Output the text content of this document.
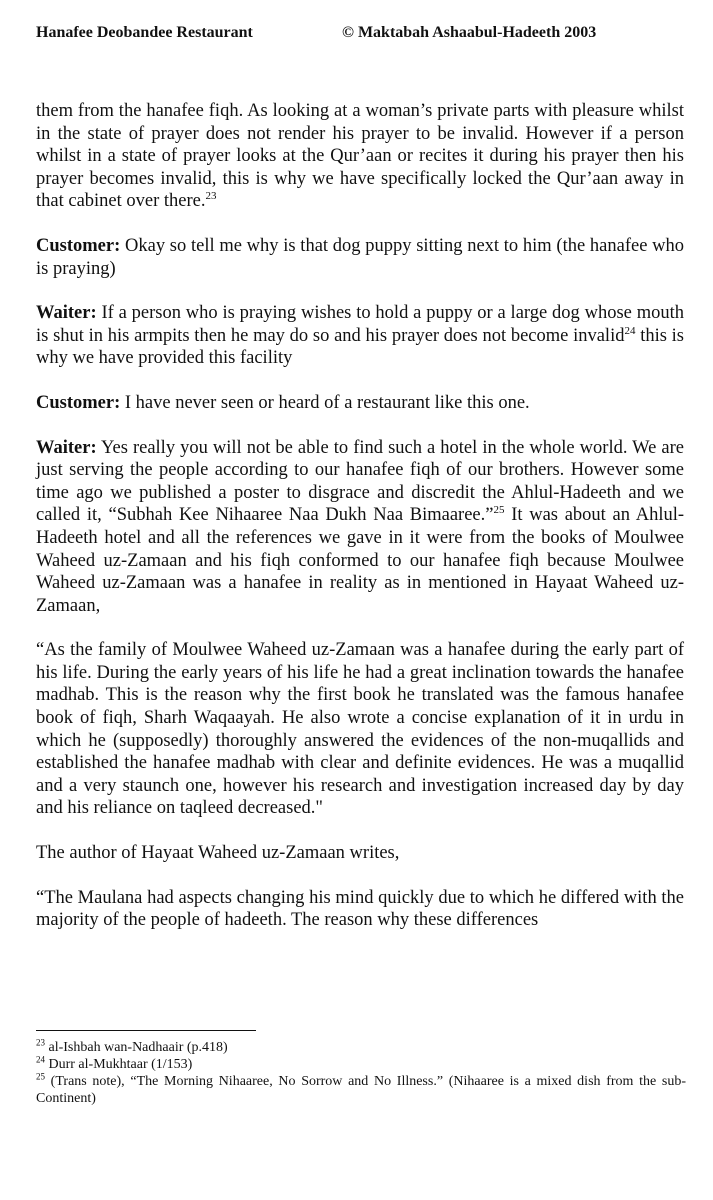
Hanafee Deobandee Restaurant	© Maktabah Ashaabul-Hadeeth 2003

them from the hanafee fiqh. As looking at a woman’s private parts with pleasure whilst in the state of prayer does not render his prayer to be invalid. However if a person whilst in a state of prayer looks at the Qur’aan or recites it during his prayer then his prayer becomes invalid, this is why we have specifically locked the Qur’aan away in that cabinet over there.$^{23}$

Customer: Okay so tell me why is that dog puppy sitting next to him (the hanafee who is praying)

Waiter: If a person who is praying wishes to hold a puppy or a large dog whose mouth is shut in his armpits then he may do so and his prayer does not become invalid$^{24}$ this is why we have provided this facility

Customer: I have never seen or heard of a restaurant like this one.

Waiter: Yes really you will not be able to find such a hotel in the whole world. We are just serving the people according to our hanafee fiqh of our brothers. However some time ago we published a poster to disgrace and discredit the Ahlul-Hadeeth and we called it, “Subhah Kee Nihaaree Naa Dukh Naa Bimaaree.”$^{25}$ It was about an Ahlul-Hadeeth hotel and all the references we gave in it were from the books of Moulwee Waheed uz-Zamaan and his fiqh conformed to our hanafee fiqh because Moulwee Waheed uz-Zamaan was a hanafee in reality as in mentioned in Hayaat Waheed uz-Zamaan,

“As the family of Moulwee Waheed uz-Zamaan was a hanafee during the early part of his life. During the early years of his life he had a great inclination towards the hanafee madhab. This is the reason why the first book he translated was the famous hanafee book of fiqh, Sharh Waqaayah. He also wrote a concise explanation of it in urdu in which he (supposedly) thoroughly answered the evidences of the non-muqallids and established the hanafee madhab with clear and definite evidences. He was a muqallid and a very staunch one, however his research and investigation increased day by day and his reliance on taqleed decreased."

The author of Hayaat Waheed uz-Zamaan writes,

“The Maulana had aspects changing his mind quickly due to which he differed with the majority of the people of hadeeth. The reason why these differences

$^{23}$ al-Ishbah wan-Nadhaair (p.418)

$^{24}$ Durr al-Mukhtaar (1/153)

$^{25}$ (Trans note), “The Morning Nihaaree, No Sorrow and No Illness.” (Nihaaree is a mixed dish from the sub-Continent)
